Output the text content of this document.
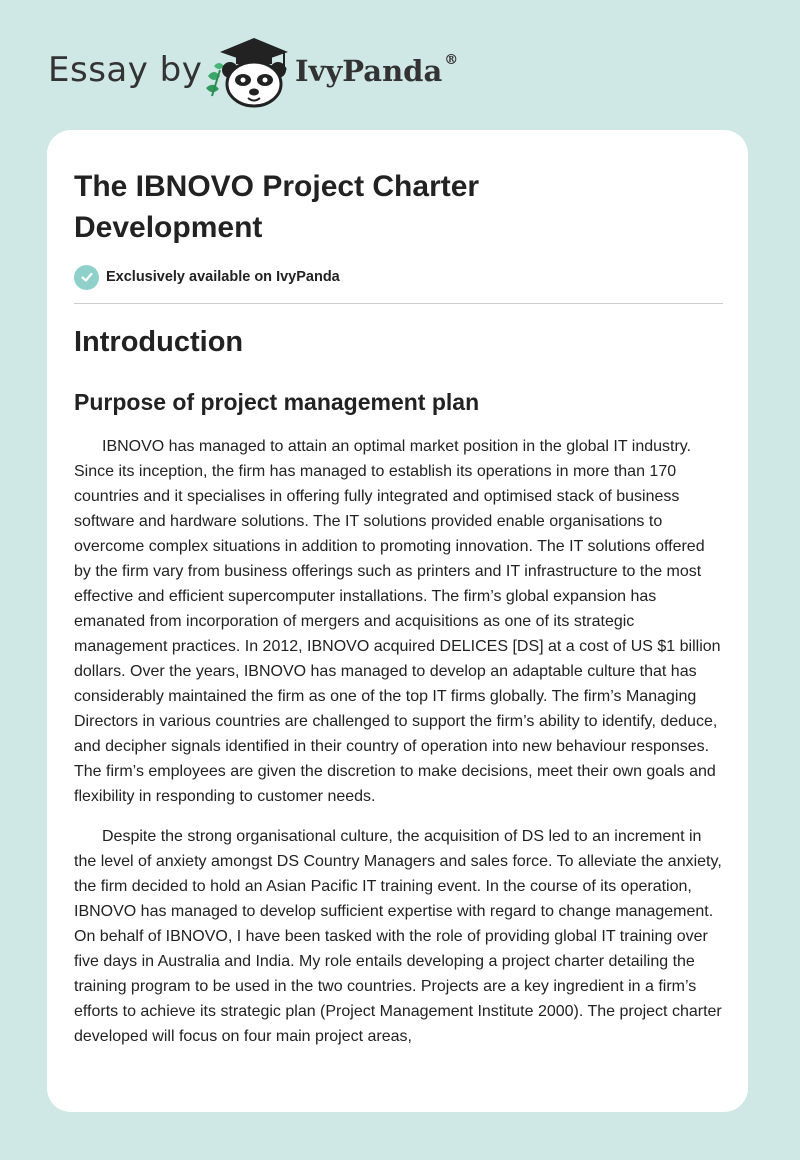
Essay by	IvyPanda ®
The IBNOVO Project Charter Development
Exclusively available on IvyPanda
Introduction
Purpose of project management plan

IBNOVO has managed to attain an optimal market position in the global IT industry. Since its inception, the firm has managed to establish its operations in more than 170 countries and it specialises in offering fully integrated and optimised stack of business software and hardware solutions. The IT solutions provided enable organisations to overcome complex situations in addition to promoting innovation. The IT solutions offered by the firm vary from business offerings such as printers and IT infrastructure to the most effective and efficient supercomputer installations. The firm’s global expansion has emanated from incorporation of mergers and acquisitions as one of its strategic management practices. In 2012, IBNOVO acquired DELICES [DS] at a cost of US $1 billion dollars. Over the years, IBNOVO has managed to develop an adaptable culture that has considerably maintained the firm as one of the top IT firms globally. The firm’s Managing Directors in various countries are challenged to support the firm’s ability to identify, deduce, and decipher signals identified in their country of operation into new behaviour responses. The firm’s employees are given the discretion to make decisions, meet their own goals and flexibility in responding to customer needs.

Despite the strong organisational culture, the acquisition of DS led to an increment in the level of anxiety amongst DS Country Managers and sales force. To alleviate the anxiety, the firm decided to hold an Asian Pacific IT training event. In the course of its operation, IBNOVO has managed to develop sufficient expertise with regard to change management. On behalf of IBNOVO, I have been tasked with the role of providing global IT training over five days in Australia and India. My role entails developing a project charter detailing the training program to be used in the two countries. Projects are a key ingredient in a firm’s efforts to achieve its strategic plan (Project Management Institute 2000). The project charter developed will focus on four main project areas,
